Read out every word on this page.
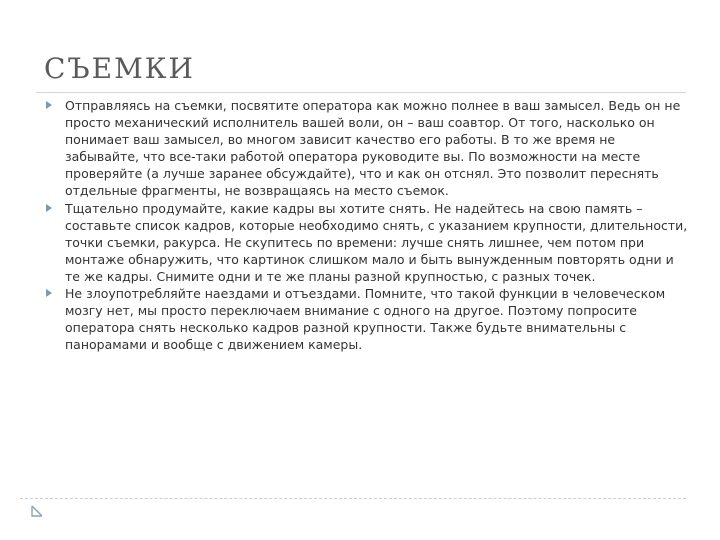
СЪЕМКИ
Отправляясь на съемки, посвятите оператора как можно полнее в ваш замысел. Ведь он не просто механический исполнитель вашей воли, он – ваш соавтор. От того, насколько он понимает ваш замысел, во многом зависит качество его работы. В то же время не забывайте, что все-таки работой оператора руководите вы. По возможности на месте проверяйте (а лучше заранее обсуждайте), что и как он отснял. Это позволит переснять отдельные фрагменты, не возвращаясь на место съемок.
Тщательно продумайте, какие кадры вы хотите снять. Не надейтесь на свою память – составьте список кадров, которые необходимо снять, с указанием крупности, длительности, точки съемки, ракурса. Не скупитесь по времени: лучше снять лишнее, чем потом при монтаже обнаружить, что картинок слишком мало и быть вынужденным повторять одни и те же кадры. Снимите одни и те же планы разной крупностью, с разных точек.
Не злоупотребляйте наездами и отъездами. Помните, что такой функции в человеческом мозгу нет, мы просто переключаем внимание с одного на другое. Поэтому попросите оператора снять несколько кадров разной крупности. Также будьте внимательны с панорамами и вообще с движением камеры.
